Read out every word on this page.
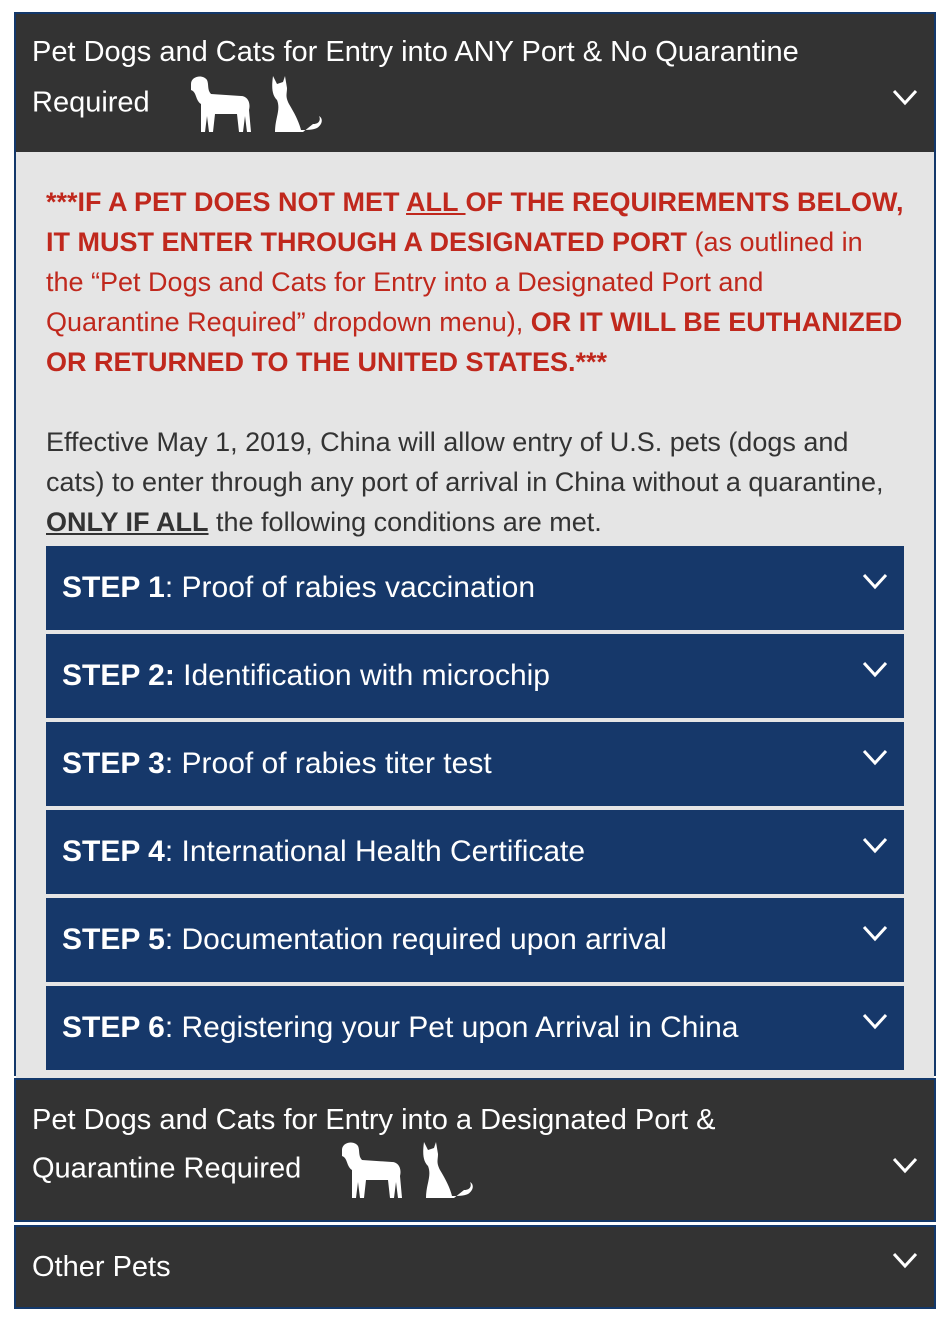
Pet Dogs and Cats for Entry into ANY Port & No Quarantine
Required
***IF A PET DOES NOT MET ALL OF THE REQUIREMENTS BELOW, IT MUST ENTER THROUGH A DESIGNATED PORT (as outlined in the “Pet Dogs and Cats for Entry into a Designated Port and Quarantine Required” dropdown menu), OR IT WILL BE EUTHANIZED OR RETURNED TO THE UNITED STATES.***
Effective May 1, 2019, China will allow entry of U.S. pets (dogs and cats) to enter through any port of arrival in China without a quarantine, ONLY IF ALL the following conditions are met.
STEP 1 : Proof of rabies vaccination
STEP 2: Identification with microchip
STEP 3 : Proof of rabies titer test
STEP 4 : International Health Certificate
STEP 5 : Documentation required upon arrival
STEP 6 : Registering your Pet upon Arrival in China
Pet Dogs and Cats for Entry into a Designated Port &
Quarantine Required
Other Pets
